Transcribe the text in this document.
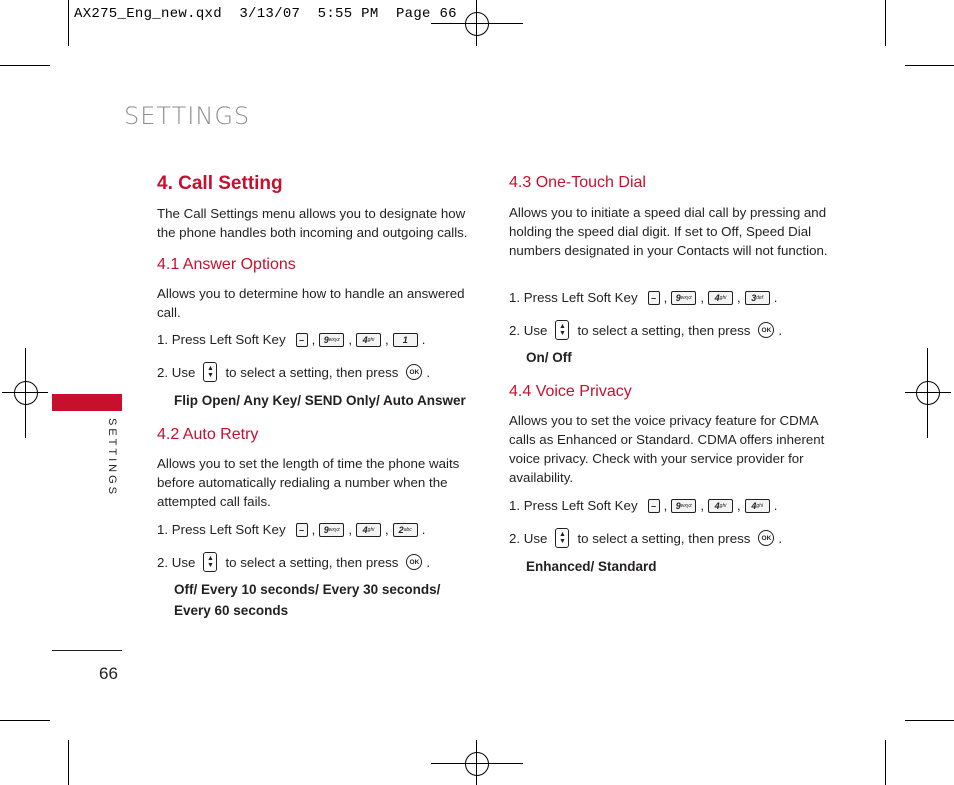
AX275_Eng_new.qxd  3/13/07  5:55 PM  Page 66
SETTINGS
SETTINGS
66
4. Call Setting
The Call Settings menu allows you to designate how the phone handles both incoming and outgoing calls.
4.1 Answer Options
Allows you to determine how to handle an answered call.
1. Press Left Soft Key	– , 9 wxyz , 4 ghi , 1 .
2. Use ▲
▼ to select a setting, then press	OK .
Flip Open/ Any Key/ SEND Only/ Auto Answer
4.2 Auto Retry
Allows you to set the length of time the phone waits before automatically redialing a number when the attempted call fails.
1. Press Left Soft Key	– , 9 wxyz , 4 ghi , 2 abc .
2. Use ▲
▼ to select a setting, then press	OK .
Off/ Every 10 seconds/ Every 30 seconds/
Every 60 seconds
4.3 One-Touch Dial
Allows you to initiate a speed dial call by pressing and holding the speed dial digit. If set to Off, Speed Dial numbers designated in your Contacts will not function.
1. Press Left Soft Key	– , 9 wxyz , 4 ghi , 3 def .
2. Use ▲
▼ to select a setting, then press	OK .
On/ Off
4.4 Voice Privacy
Allows you to set the voice privacy feature for CDMA calls as Enhanced or Standard. CDMA offers inherent voice privacy. Check with your service provider for availability.
1. Press Left Soft Key	– , 9 wxyz , 4 ghi , 4 ghi .
2. Use ▲
▼ to select a setting, then press	OK .
Enhanced/ Standard
